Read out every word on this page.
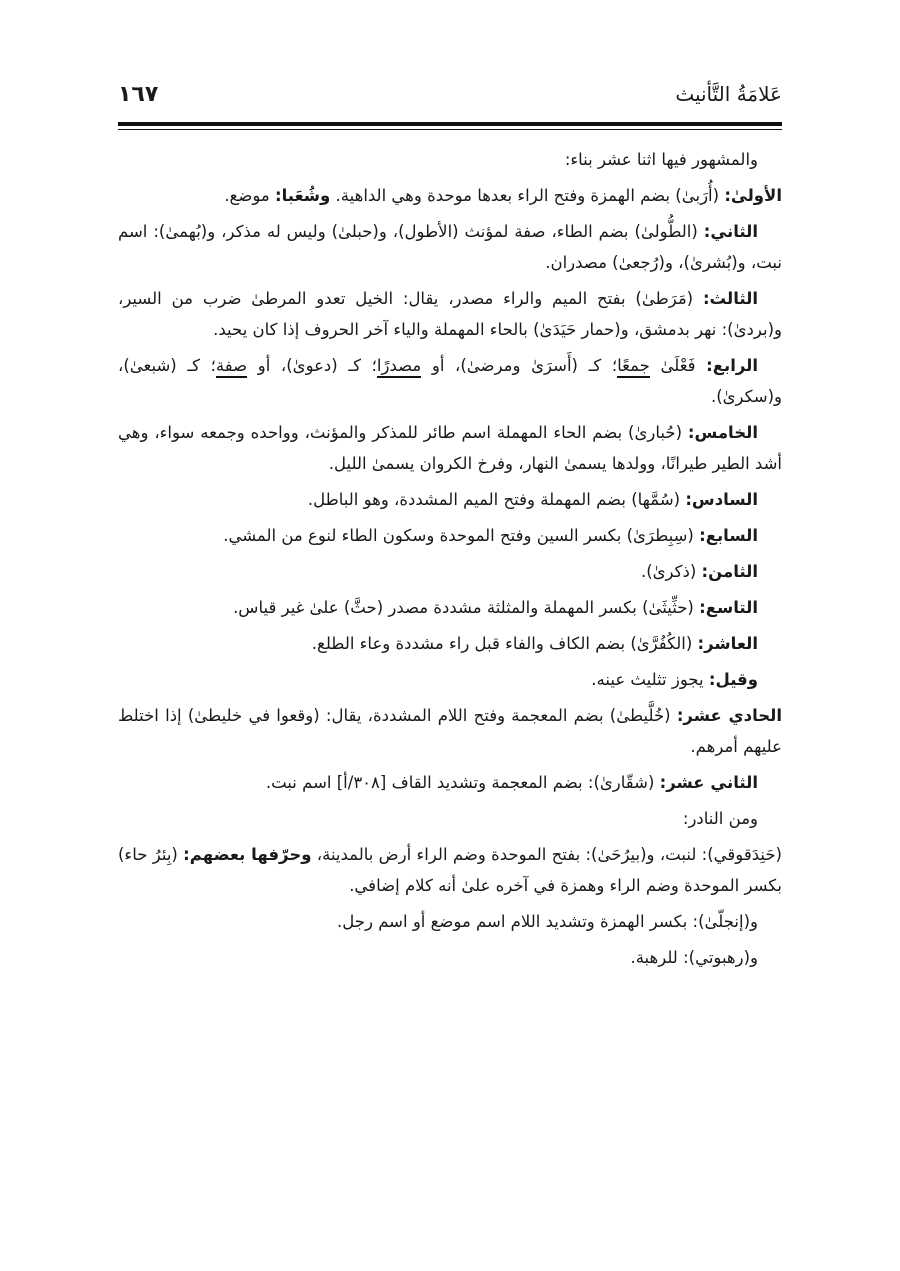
١٦٧	عَلامَةُ التَّأنيث

والمشهور فيها اثنا عشر بناء:

الأولىٰ: (أُرَبىٰ) بضم الهمزة وفتح الراء بعدها موحدة وهي الداهية. وشُعَبا: موضع.

الثاني: (الطُّولىٰ) بضم الطاء، صفة لمؤنث (الأطول)، و(حبلىٰ) وليس له مذكر، و(بُهمىٰ): اسم نبت، و(بُشرىٰ)، و(رُجعىٰ) مصدران.

الثالث: (مَرَطىٰ) بفتح الميم والراء مصدر، يقال: الخيل تعدو المرطىٰ ضرب من السير، و(بردىٰ): نهر بدمشق، و(حمار حَيَدَىٰ) بالحاء المهملة والياء آخر الحروف إذا كان يحيد.

الرابع: فَعْلَىٰ جمعًا؛ كـ (أَسرَىٰ ومرضىٰ)، أو مصدرًا؛ كـ (دعوىٰ)، أو صفة؛ كـ (شبعىٰ)، و(سكرىٰ).

الخامس: (حُبارىٰ) بضم الحاء المهملة اسم طائر للمذكر والمؤنث، وواحده وجمعه سواء، وهي أشد الطير طيرانًا، وولدها يسمىٰ النهار، وفرخ الكروان يسمىٰ الليل.

السادس: (سُمَّها) بضم المهملة وفتح الميم المشددة، وهو الباطل.

السابع: (سِبِطرَىٰ) بكسر السين وفتح الموحدة وسكون الطاء لنوع من المشي.

الثامن: (ذكرىٰ).

التاسع: (حثِّيثَىٰ) بكسر المهملة والمثلثة مشددة مصدر (حثَّ) علىٰ غير قياس.

العاشر: (الكُفُرَّىٰ) بضم الكاف والفاء قبل راء مشددة وعاء الطلع.

وقيل: يجوز تثليث عينه.

الحادي عشر: (خُلَّيطىٰ) بضم المعجمة وفتح اللام المشددة، يقال: (وقعوا في خليطىٰ) إذا اختلط عليهم أمرهم.

الثاني عشر: (شقّارىٰ): بضم المعجمة وتشديد القاف [٣٠٨/أ] اسم نبت.

ومن النادر:

(حَنِدَقوقي): لنبت، و(بيرُحَىٰ): بفتح الموحدة وضم الراء أرض بالمدينة، وحرّفها بعضهم: (بِئرُ حاء) بكسر الموحدة وضم الراء وهمزة في آخره علىٰ أنه كلام إضافي.

و(إنجلّىٰ): بكسر الهمزة وتشديد اللام اسم موضع أو اسم رجل.

و(رهبوتي): للرهبة.
